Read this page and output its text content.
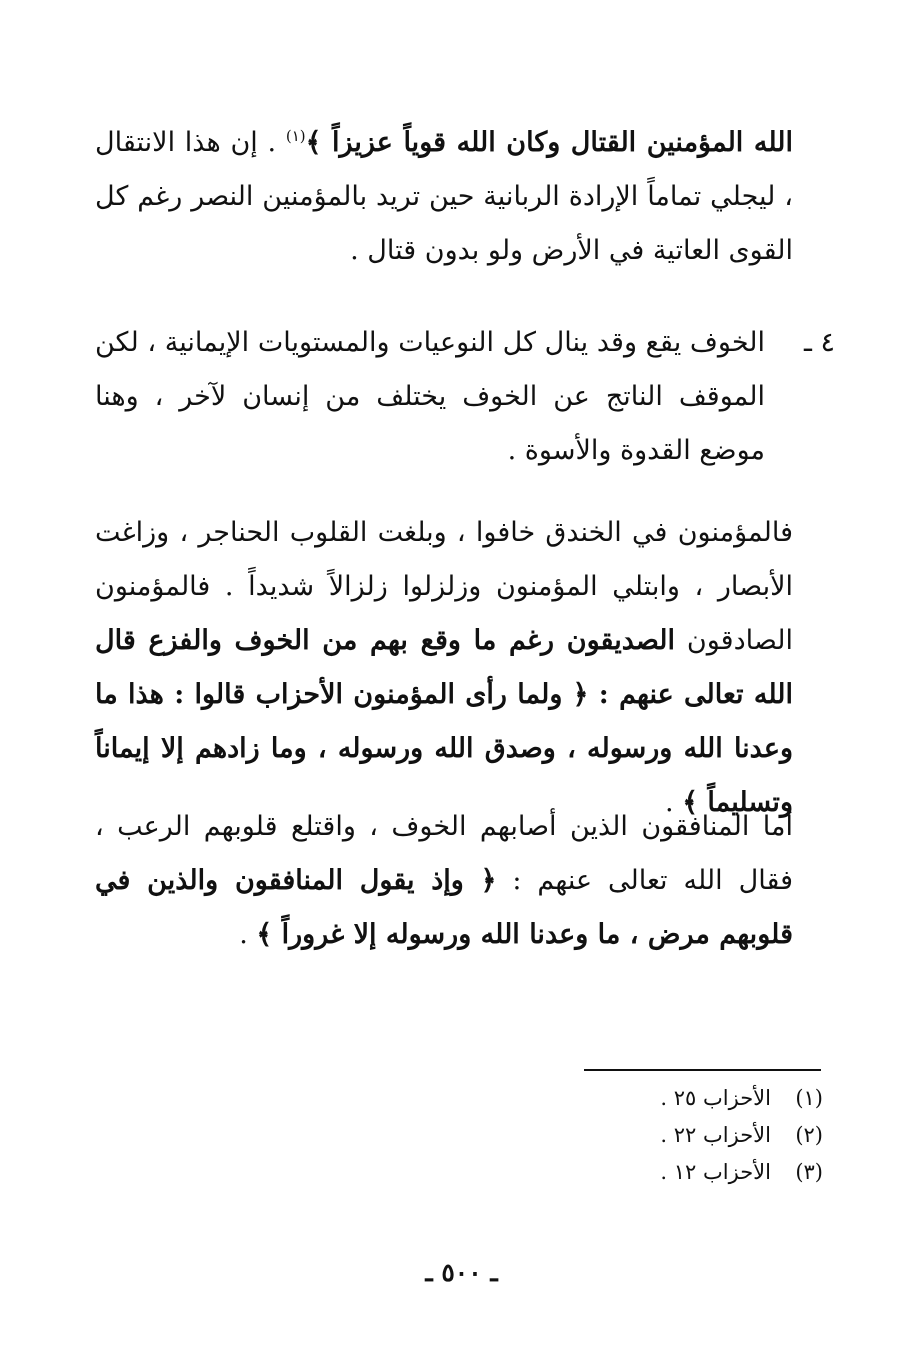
الله المؤمنين القتال وكان الله قوياً عزيزاً ﴾$^{(١)}$ . إن هذا الانتقال ، ليجلي تماماً الإرادة الربانية حين تريد بالمؤمنين النصر رغم كل القوى العاتية في الأرض ولو بدون قتال .
٤ ـ
الخوف يقع وقد ينال كل النوعيات والمستويات الإيمانية ، لكن الموقف الناتج عن الخوف يختلف من إنسان لآخر ، وهنا موضع القدوة والأسوة .
فالمؤمنون في الخندق خافوا ، وبلغت القلوب الحناجر ، وزاغت الأبصار ، وابتلي المؤمنون وزلزلوا زلزالاً شديداً . فالمؤمنون الصادقون الصديقون رغم ما وقع بهم من الخوف والفزع قال الله تعالى عنهم : ﴿ ولما رأى المؤمنون الأحزاب قالوا : هذا ما وعدنا الله ورسوله ، وصدق الله ورسوله ، وما زادهم إلا إيماناً وتسليماً ﴾ .
أما المنافقون الذين أصابهم الخوف ، واقتلع قلوبهم الرعب ، فقال الله تعالى عنهم : ﴿ وإذ يقول المنافقون والذين في قلوبهم مرض ، ما وعدنا الله ورسوله إلا غروراً ﴾ .
(١)الأحزاب ٢٥ .
(٢)الأحزاب ٢٢ .
(٣)الأحزاب ١٢ .
ـ ٥٠٠ ـ
